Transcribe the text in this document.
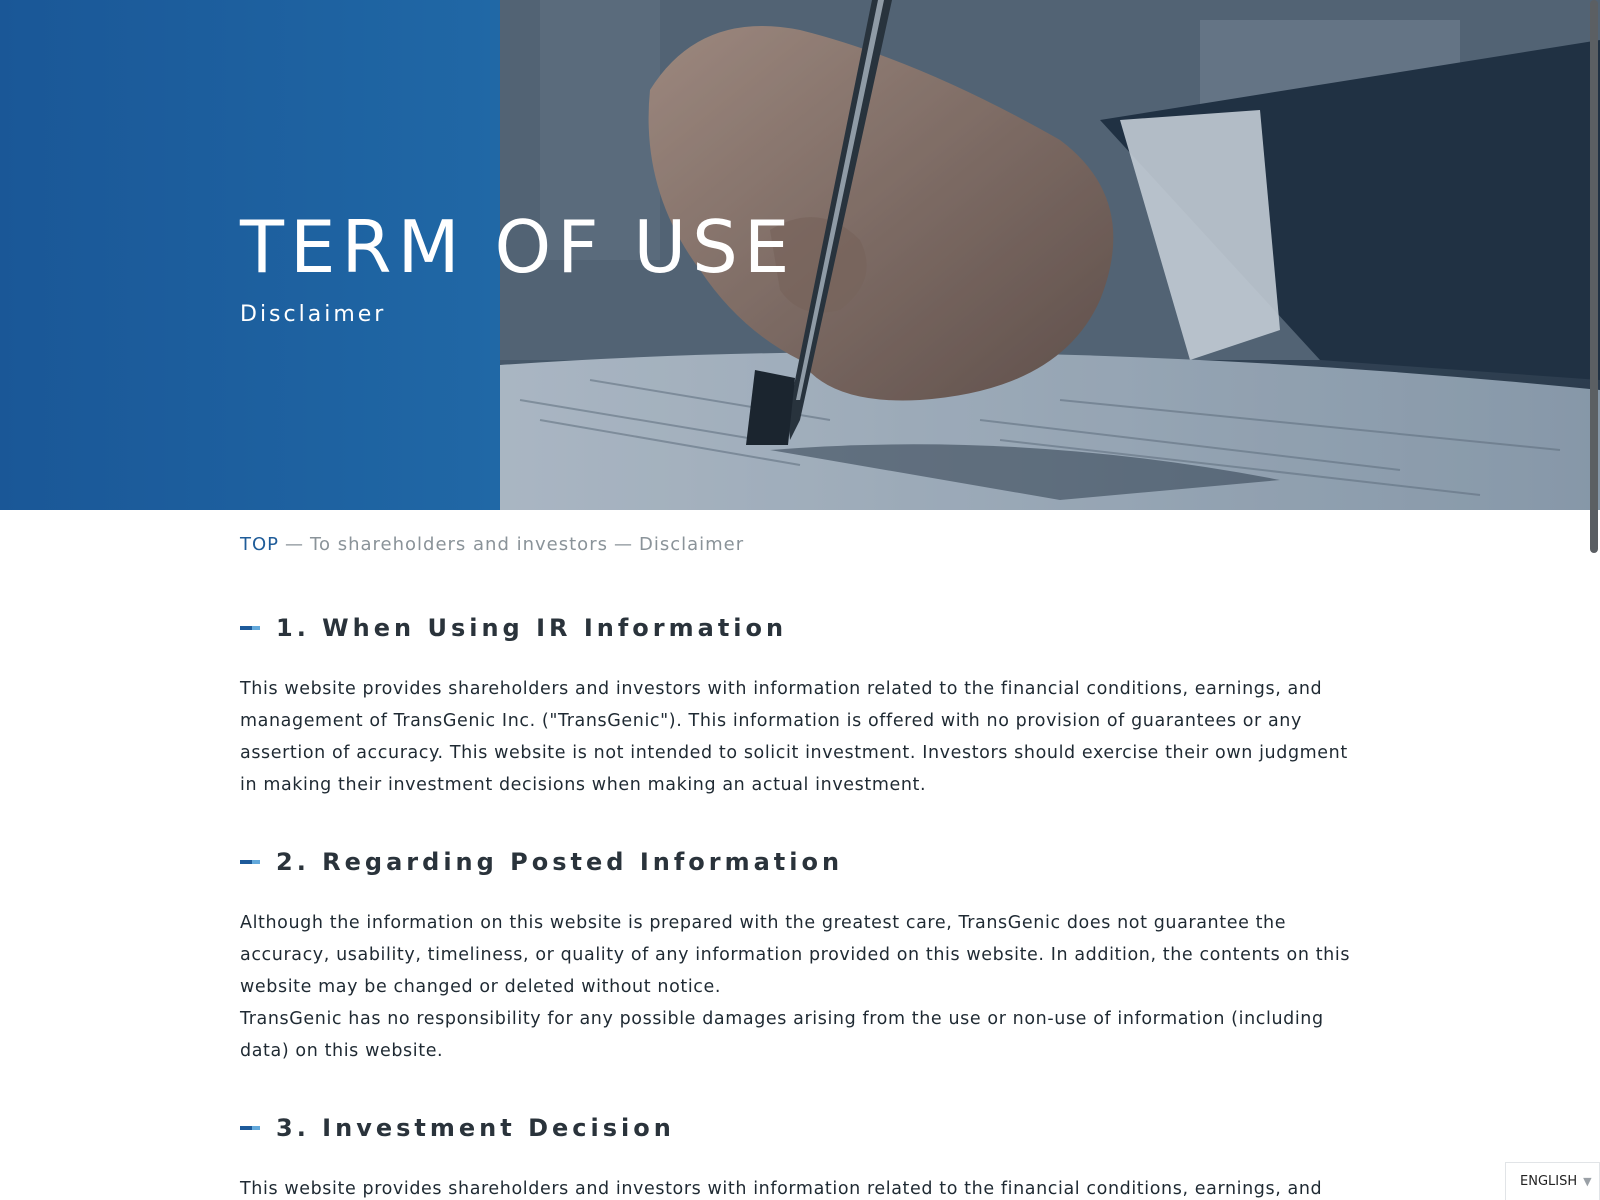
TERM OF USE
Disclaimer
TOP — To shareholders and investors — Disclaimer
1. When Using IR Information

This website provides shareholders and investors with information related to the financial conditions, earnings, and management of TransGenic Inc. ("TransGenic"). This information is offered with no provision of guarantees or any assertion of accuracy. This website is not intended to solicit investment. Investors should exercise their own judgment in making their investment decisions when making an actual investment.

2. Regarding Posted Information

Although the information on this website is prepared with the greatest care, TransGenic does not guarantee the accuracy, usability, timeliness, or quality of any information provided on this website. In addition, the contents on this website may be changed or deleted without notice.

TransGenic has no responsibility for any possible damages arising from the use or non-use of information (including data) on this website.

3. Investment Decision

This website provides shareholders and investors with information related to the financial conditions, earnings, and	ENGLISH ▼
